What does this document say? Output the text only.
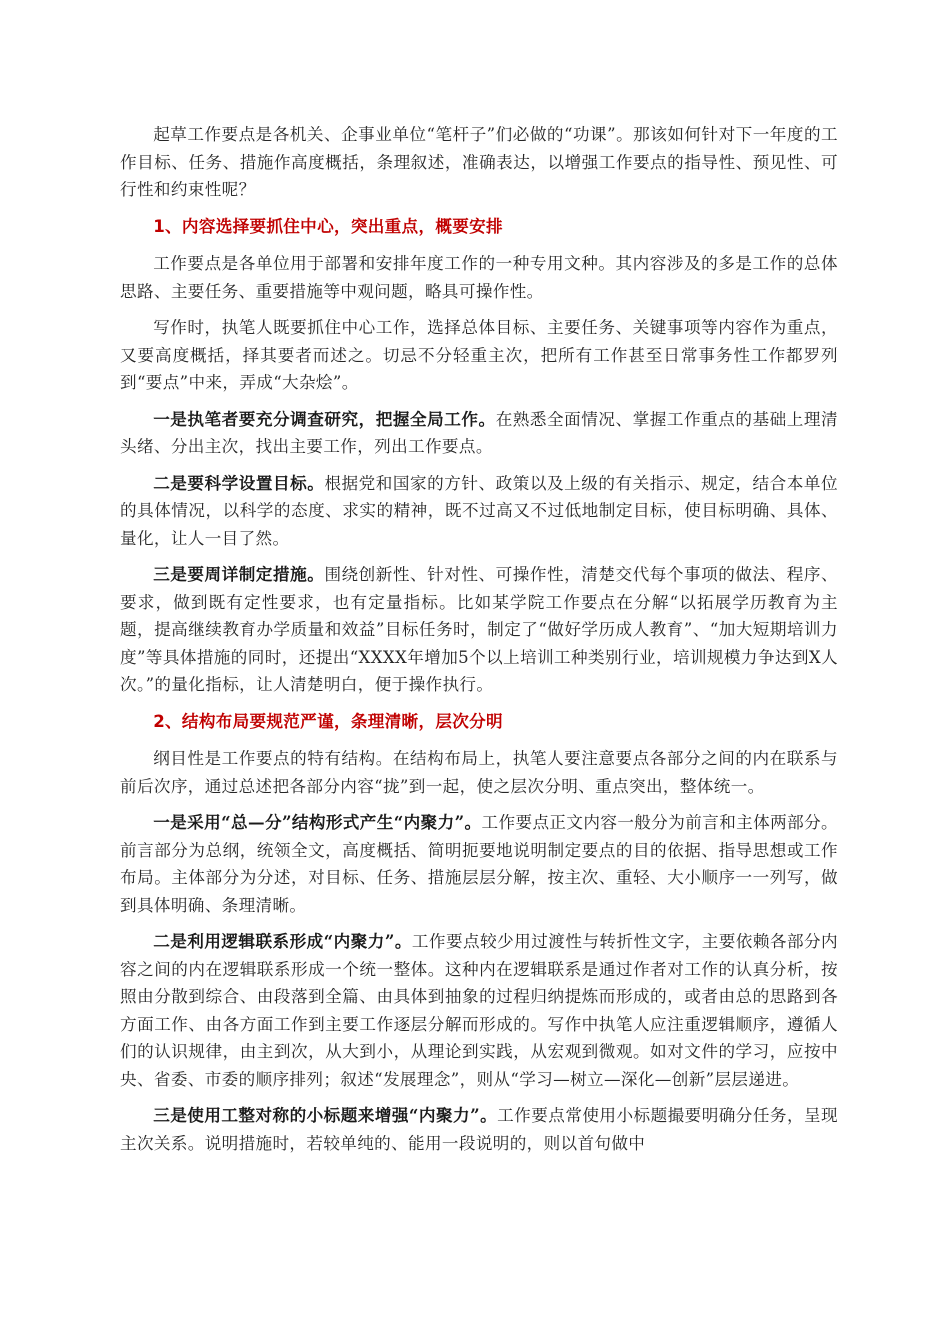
起草工作要点是各机关、企事业单位“笔杆子”们必做的“功课”。那该如何针对下一年度的工作目标、任务、措施作高度概括，条理叙述，准确表达，以增强工作要点的指导性、预见性、可行性和约束性呢？

1、内容选择要抓住中心，突出重点，概要安排

工作要点是各单位用于部署和安排年度工作的一种专用文种。其内容涉及的多是工作的总体思路、主要任务、重要措施等中观问题，略具可操作性。

写作时，执笔人既要抓住中心工作，选择总体目标、主要任务、关键事项等内容作为重点，又要高度概括，择其要者而述之。切忌不分轻重主次，把所有工作甚至日常事务性工作都罗列到“要点”中来，弄成“大杂烩”。

一是执笔者要充分调查研究，把握全局工作。在熟悉全面情况、掌握工作重点的基础上理清头绪、分出主次，找出主要工作，列出工作要点。

二是要科学设置目标。根据党和国家的方针、政策以及上级的有关指示、规定，结合本单位的具体情况，以科学的态度、求实的精神，既不过高又不过低地制定目标，使目标明确、具体、量化，让人一目了然。

三是要周详制定措施。围绕创新性、针对性、可操作性，清楚交代每个事项的做法、程序、要求，做到既有定性要求，也有定量指标。比如某学院工作要点在分解“以拓展学历教育为主题，提高继续教育办学质量和效益”目标任务时，制定了“做好学历成人教育”、“加大短期培训力度”等具体措施的同时，还提出“XXXX年增加5个以上培训工种类别行业，培训规模力争达到X人次。”的量化指标，让人清楚明白，便于操作执行。

2、结构布局要规范严谨，条理清晰，层次分明

纲目性是工作要点的特有结构。在结构布局上，执笔人要注意要点各部分之间的内在联系与前后次序，通过总述把各部分内容“拢”到一起，使之层次分明、重点突出，整体统一。

一是采用“总—分”结构形式产生“内聚力”。工作要点正文内容一般分为前言和主体两部分。前言部分为总纲，统领全文，高度概括、简明扼要地说明制定要点的目的依据、指导思想或工作布局。主体部分为分述，对目标、任务、措施层层分解，按主次、重轻、大小顺序一一列写，做到具体明确、条理清晰。

二是利用逻辑联系形成“内聚力”。工作要点较少用过渡性与转折性文字，主要依赖各部分内容之间的内在逻辑联系形成一个统一整体。这种内在逻辑联系是通过作者对工作的认真分析，按照由分散到综合、由段落到全篇、由具体到抽象的过程归纳提炼而形成的，或者由总的思路到各方面工作、由各方面工作到主要工作逐层分解而形成的。写作中执笔人应注重逻辑顺序，遵循人们的认识规律，由主到次，从大到小，从理论到实践，从宏观到微观。如对文件的学习，应按中央、省委、市委的顺序排列；叙述“发展理念”，则从“学习—树立—深化—创新”层层递进。

三是使用工整对称的小标题来增强“内聚力”。工作要点常使用小标题撮要明确分任务，呈现主次关系。说明措施时，若较单纯的、能用一段说明的，则以首句做中
